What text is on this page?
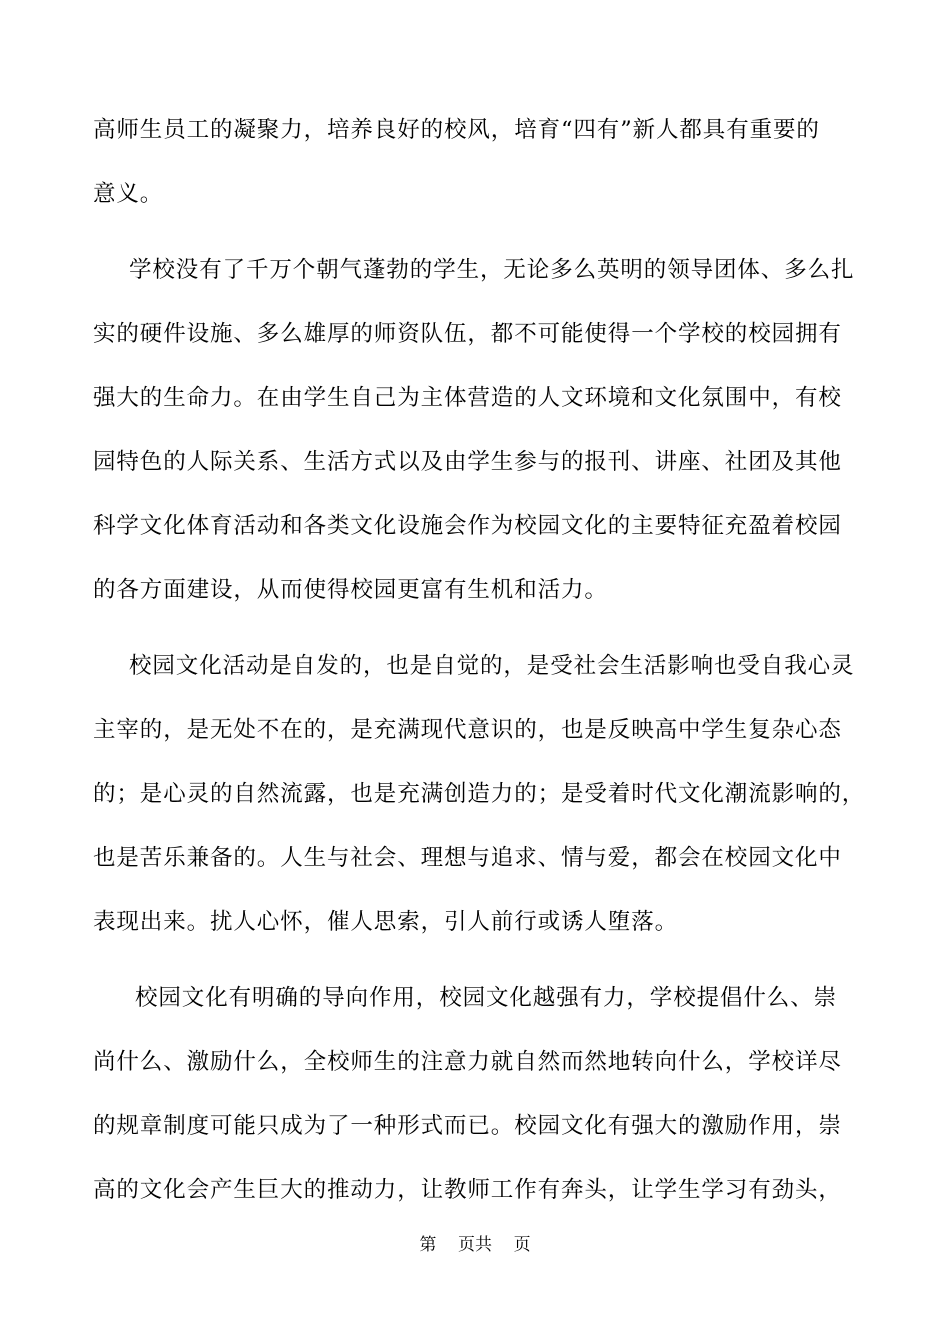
高师生员工的凝聚力，培养良好的校风，培育“四有”新人都具有重要的
意义。
学校没有了千万个朝气蓬勃的学生，无论多么英明的领导团体、多么扎
实的硬件设施、多么雄厚的师资队伍，都不可能使得一个学校的校园拥有
强大的生命力。在由学生自己为主体营造的人文环境和文化氛围中，有校
园特色的人际关系、生活方式以及由学生参与的报刊、讲座、社团及其他
科学文化体育活动和各类文化设施会作为校园文化的主要特征充盈着校园
的各方面建设，从而使得校园更富有生机和活力。
校园文化活动是自发的，也是自觉的，是受社会生活影响也受自我心灵
主宰的，是无处不在的，是充满现代意识的，也是反映高中学生复杂心态
的；是心灵的自然流露，也是充满创造力的；是受着时代文化潮流影响的，
也是苦乐兼备的。人生与社会、理想与追求、情与爱，都会在校园文化中
表现出来。扰人心怀，催人思索，引人前行或诱人堕落。
校园文化有明确的导向作用，校园文化越强有力，学校提倡什么、崇
尚什么、激励什么，全校师生的注意力就自然而然地转向什么，学校详尽
的规章制度可能只成为了一种形式而已。校园文化有强大的激励作用，崇
高的文化会产生巨大的推动力，让教师工作有奔头，让学生学习有劲头，
第    页共    页
